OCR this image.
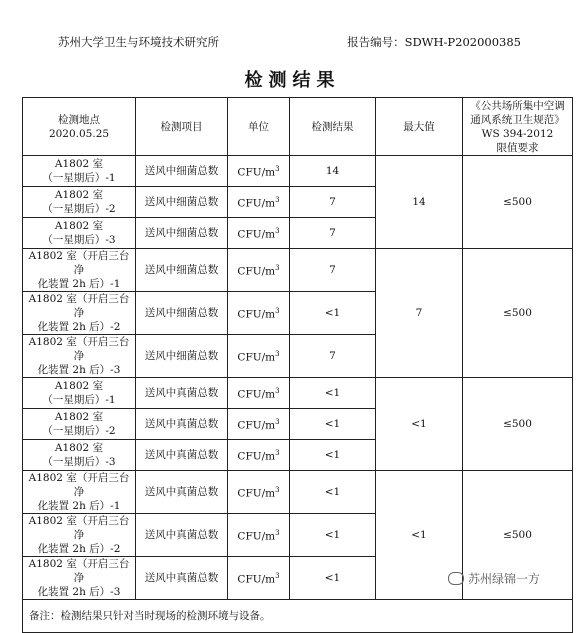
苏州大学卫生与环境技术研究所	报告编号：SDWH-P202000385
检测结果
检测地点
2020.05.25	检测项目	单位	检测结果	最大值	《公共场所集中空调
通风系统卫生规范》
WS 394-2012
限值要求
A1802 室
（一星期后）-1	送风中细菌总数	CFU/$m^3$	14	14	≤500
A1802 室
（一星期后）-2	送风中细菌总数	CFU/$m^3$	7		
A1802 室
（一星期后）-3	送风中细菌总数	CFU/$m^3$	7		
A1802 室（开启三台净
化装置 2h 后）-1	送风中细菌总数	CFU/$m^3$	7	7	≤500
A1802 室（开启三台净
化装置 2h 后）-2	送风中细菌总数	CFU/$m^3$	<1		
A1802 室（开启三台净
化装置 2h 后）-3	送风中细菌总数	CFU/$m^3$	7		
A1802 室
（一星期后）-1	送风中真菌总数	CFU/$m^3$	<1	<1	≤500
A1802 室
（一星期后）-2	送风中真菌总数	CFU/$m^3$	<1		
A1802 室
（一星期后）-3	送风中真菌总数	CFU/$m^3$	<1		
A1802 室（开启三台净
化装置 2h 后）-1	送风中真菌总数	CFU/$m^3$	<1	<1	≤500
A1802 室（开启三台净
化装置 2h 后）-2	送风中真菌总数	CFU/$m^3$	<1		
A1802 室（开启三台净
化装置 2h 后）-3	送风中真菌总数	CFU/$m^3$	<1		
备注：检测结果只针对当时现场的检测环境与设备。					
苏州绿锦一方
